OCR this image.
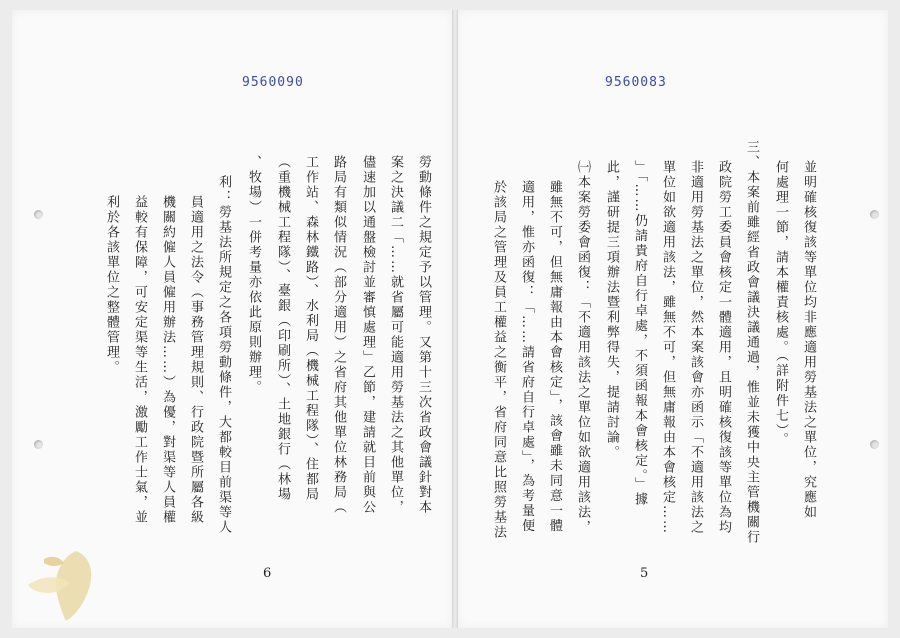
9560090
勞動條件之規定予以管理。又第十三次省政會議針對本
案之決議二「……就省屬可能適用勞基法之其他單位，
儘速加以通盤檢討並審慎處理」乙節，建請就目前與公
路局有類似情況（部分適用）之省府其他單位林務局（
工作站、森林鐵路）、水利局（機械工程隊）、住都局
（重機械工程隊）、臺銀（印刷所）、土地銀行（林場
、牧場）一併考量亦依此原則辦理。
利：勞基法所規定之各項勞動條件，大都較目前渠等人
員適用之法令（事務管理規則、行政院暨所屬各級
機關約僱人員僱用辦法……）為優，對渠等人員權
益較有保障，可安定渠等生活，激勵工作士氣，並
利於各該單位之整體管理。
6
9560083
並明確核復該等單位均非應適用勞基法之單位，究應如
何處理一節，請本權責核處。（詳附件七）。
三、本案前雖經省政會議決議通過，惟並未獲中央主管機關行
政院勞工委員會核定一體適用，且明確核復該等單位為均
非適用勞基法之單位，然本案該會亦函示「不適用該法之
單位如欲適用該法，雖無不可，但無庸報由本會核定……
」「……仍請貴府自行卓處，不須函報本會核定。」據
此，謹研提三項辦法暨利弊得失，提請討論。
㈠本案勞委會函復：「不適用該法之單位如欲適用該法，
雖無不可，但無庸報由本會核定」，該會雖未同意一體
適用，惟亦函復：「……請省府自行卓處」，為考量便
於該局之管理及員工權益之衡平，省府同意比照勞基法
5
